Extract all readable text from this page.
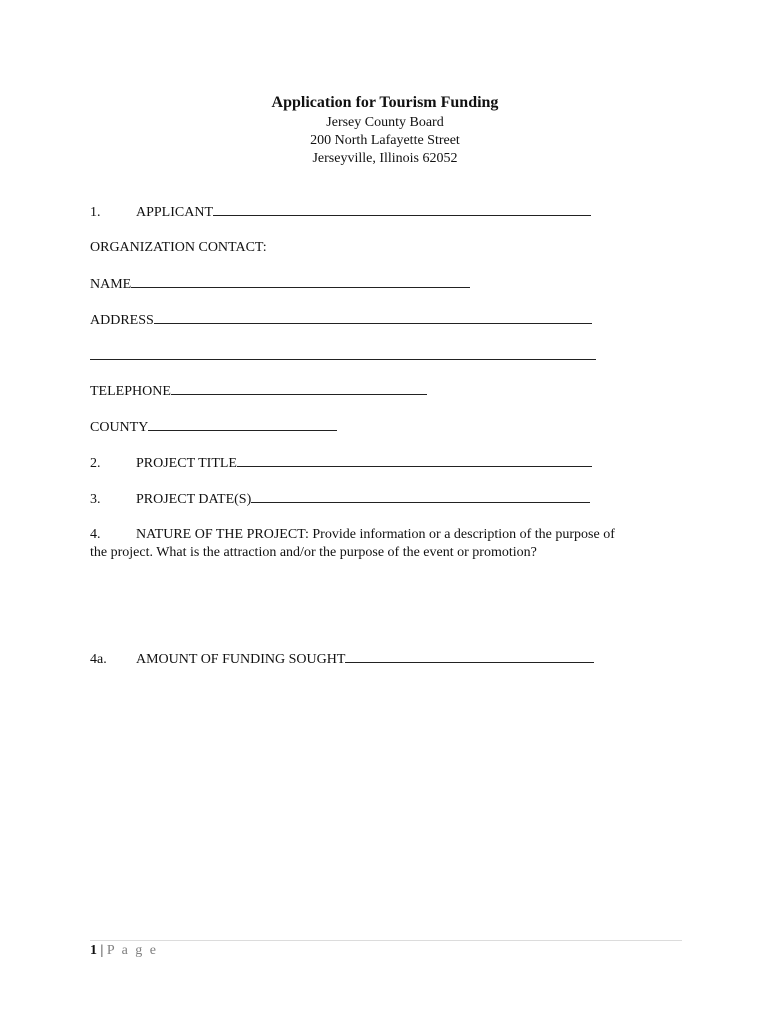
Application for Tourism Funding
Jersey County Board
200 North Lafayette Street
Jerseyville, Illinois 62052
1.	APPLICANT
ORGANIZATION CONTACT:
NAME
ADDRESS
TELEPHONE
COUNTY
2.	PROJECT TITLE
3.	PROJECT DATE(S)
4.	NATURE OF THE PROJECT: Provide information or a description of the purpose of
the project. What is the attraction and/or the purpose of the event or promotion?
4a. AMOUNT OF FUNDING SOUGHT
1 | P a g e
